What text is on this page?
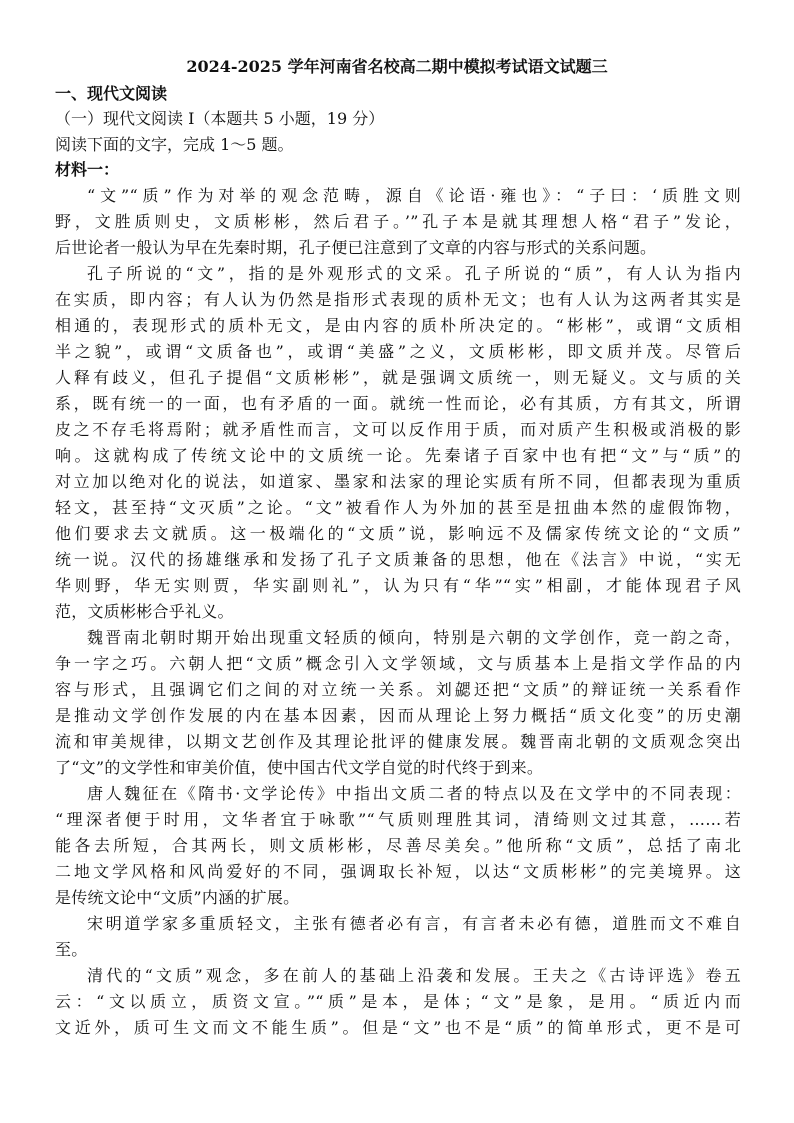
2024-2025 学年河南省名校高二期中模拟考试语文试题三
一、现代文阅读
（一）现代文阅读 I（本题共 5 小题，19 分）
阅读下面的文字，完成 1～5 题。
材料一：
“文”“质”作为对举的观念范畴，源自《论语·雍也》：“子曰：‘质胜文则
野，文胜质则史，文质彬彬，然后君子。’”孔子本是就其理想人格“君子”发论，
后世论者一般认为早在先秦时期，孔子便已注意到了文章的内容与形式的关系问题。
孔子所说的“文”，指的是外观形式的文采。孔子所说的“质”，有人认为指内
在实质，即内容；有人认为仍然是指形式表现的质朴无文；也有人认为这两者其实是
相通的，表现形式的质朴无文，是由内容的质朴所决定的。“彬彬”，或谓“文质相
半之貌”，或谓“文质备也”，或谓“美盛”之义，文质彬彬，即文质并茂。尽管后
人释有歧义，但孔子提倡“文质彬彬”，就是强调文质统一，则无疑义。文与质的关
系，既有统一的一面，也有矛盾的一面。就统一性而论，必有其质，方有其文，所谓
皮之不存毛将焉附；就矛盾性而言，文可以反作用于质，而对质产生积极或消极的影
响。这就构成了传统文论中的文质统一论。先秦诸子百家中也有把“文”与“质”的
对立加以绝对化的说法，如道家、墨家和法家的理论实质有所不同，但都表现为重质
轻文，甚至持“文灭质”之论。“文”被看作人为外加的甚至是扭曲本然的虚假饰物，
他们要求去文就质。这一极端化的“文质”说，影响远不及儒家传统文论的“文质”
统一说。汉代的扬雄继承和发扬了孔子文质兼备的思想，他在《法言》中说，“实无
华则野，华无实则贾，华实副则礼”，认为只有“华”“实”相副，才能体现君子风
范，文质彬彬合乎礼义。
魏晋南北朝时期开始出现重文轻质的倾向，特别是六朝的文学创作，竞一韵之奇，
争一字之巧。六朝人把“文质”概念引入文学领域，文与质基本上是指文学作品的内
容与形式，且强调它们之间的对立统一关系。刘勰还把“文质”的辩证统一关系看作
是推动文学创作发展的内在基本因素，因而从理论上努力概括“质文化变”的历史潮
流和审美规律，以期文艺创作及其理论批评的健康发展。魏晋南北朝的文质观念突出
了“文”的文学性和审美价值，使中国古代文学自觉的时代终于到来。
唐人魏征在《隋书·文学论传》中指出文质二者的特点以及在文学中的不同表现：
“理深者便于时用，文华者宜于咏歌”“气质则理胜其词，清绮则文过其意，……若
能各去所短，合其两长，则文质彬彬，尽善尽美矣。”他所称“文质”，总括了南北
二地文学风格和风尚爱好的不同，强调取长补短，以达“文质彬彬”的完美境界。这
是传统文论中“文质”内涵的扩展。
宋明道学家多重质轻文，主张有德者必有言，有言者未必有德，道胜而文不难自
至。
清代的“文质”观念，多在前人的基础上沿袭和发展。王夫之《古诗评选》卷五
云：“文以质立，质资文宣。”“质”是本，是体；“文”是象，是用。“质近内而
文近外，质可生文而文不能生质”。但是“文”也不是“质”的简单形式，更不是可
